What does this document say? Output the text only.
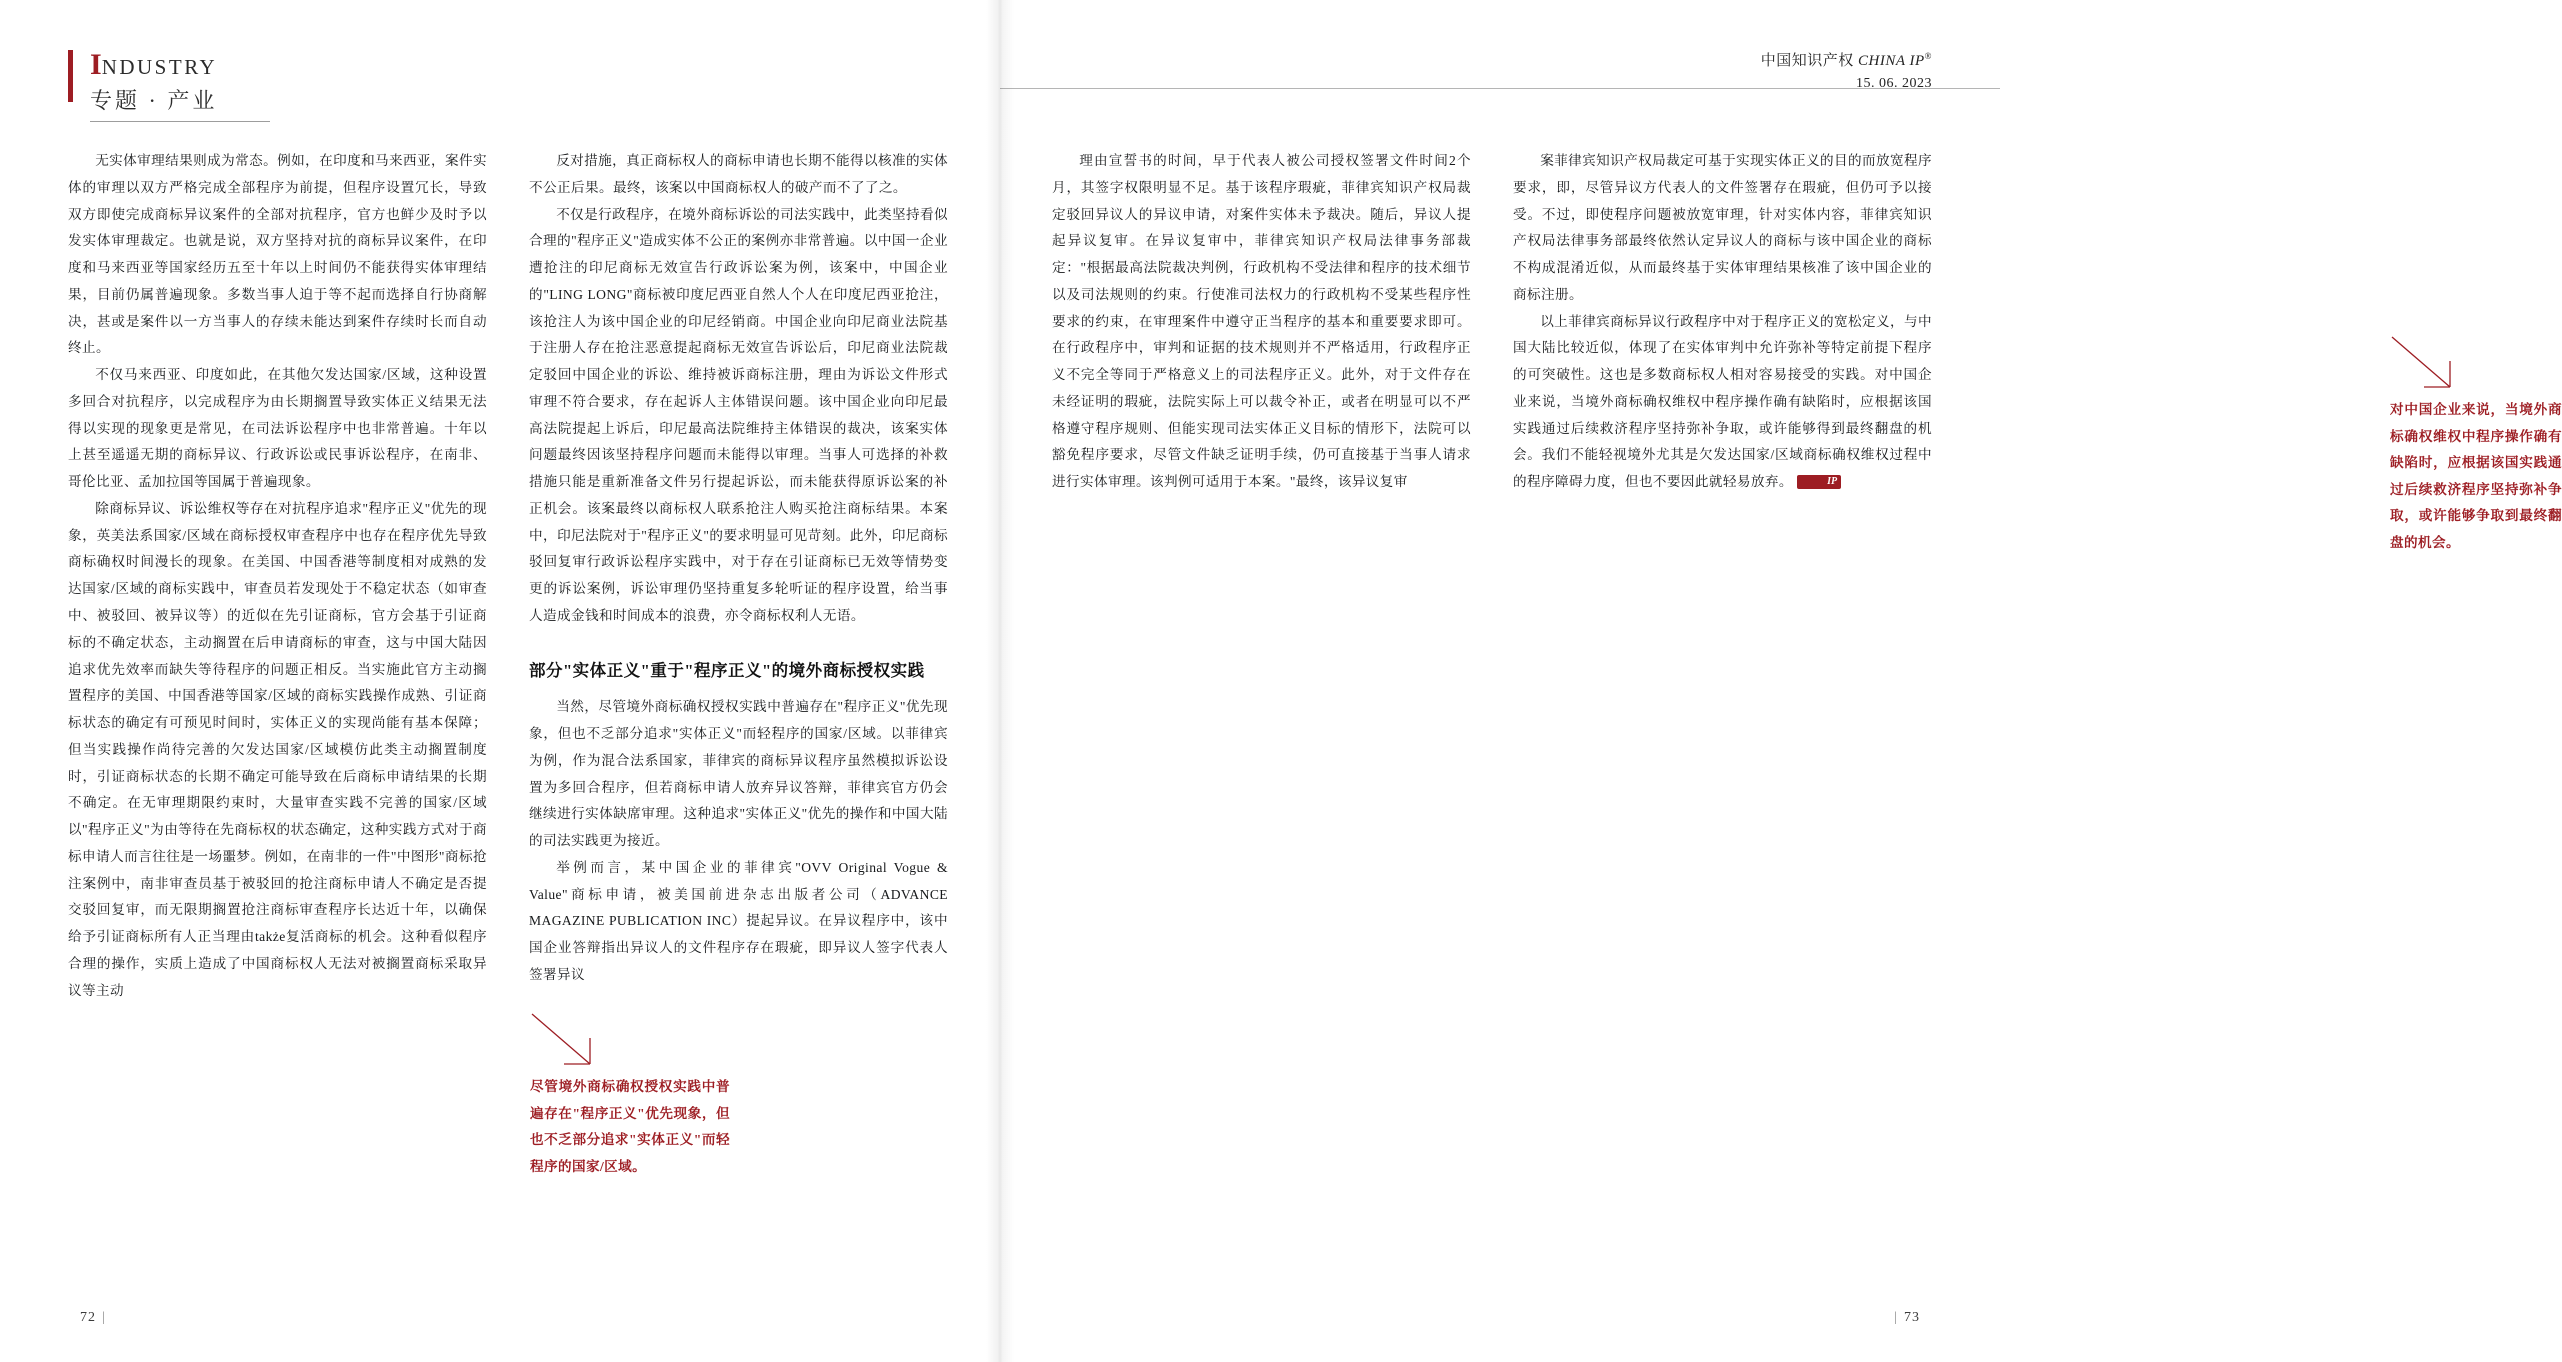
INDUSTRY
专题 · 产业

无实体审理结果则成为常态。例如，在印度和马来西亚，案件实体的审理以双方严格完成全部程序为前提，但程序设置冗长，导致双方即使完成商标异议案件的全部对抗程序，官方也鲜少及时予以发实体审理裁定。也就是说，双方坚持对抗的商标异议案件，在印度和马来西亚等国家经历五至十年以上时间仍不能获得实体审理结果，目前仍属普遍现象。多数当事人迫于等不起而选择自行协商解决，甚或是案件以一方当事人的存续未能达到案件存续时长而自动终止。

不仅马来西亚、印度如此，在其他欠发达国家/区域，这种设置多回合对抗程序，以完成程序为由长期搁置导致实体正义结果无法得以实现的现象更是常见，在司法诉讼程序中也非常普遍。十年以上甚至遥遥无期的商标异议、行政诉讼或民事诉讼程序，在南非、哥伦比亚、孟加拉国等国属于普遍现象。

除商标异议、诉讼维权等存在对抗程序追求"程序正义"优先的现象，英美法系国家/区域在商标授权审查程序中也存在程序优先导致商标确权时间漫长的现象。在美国、中国香港等制度相对成熟的发达国家/区域的商标实践中，审查员若发现处于不稳定状态（如审查中、被驳回、被异议等）的近似在先引证商标，官方会基于引证商标的不确定状态，主动搁置在后申请商标的审查，这与中国大陆因追求优先效率而缺失等待程序的问题正相反。当实施此官方主动搁置程序的美国、中国香港等国家/区域的商标实践操作成熟、引证商标状态的确定有可预见时间时，实体正义的实现尚能有基本保障；但当实践操作尚待完善的欠发达国家/区域模仿此类主动搁置制度时，引证商标状态的长期不确定可能导致在后商标申请结果的长期不确定。在无审理期限约束时，大量审查实践不完善的国家/区域以"程序正义"为由等待在先商标权的状态确定，这种实践方式对于商标申请人而言往往是一场噩梦。例如，在南非的一件"中图形"商标抢注案例中，南非审查员基于被驳回的抢注商标申请人不确定是否提交驳回复审，而无限期搁置抢注商标审查程序长达近十年，以确保给予引证商标所有人正当理由także复活商标的机会。这种看似程序合理的操作，实质上造成了中国商标权人无法对被搁置商标采取异议等主动

反对措施，真正商标权人的商标申请也长期不能得以核准的实体不公正后果。最终，该案以中国商标权人的破产而不了了之。

不仅是行政程序，在境外商标诉讼的司法实践中，此类坚持看似合理的"程序正义"造成实体不公正的案例亦非常普遍。以中国一企业遭抢注的印尼商标无效宣告行政诉讼案为例，该案中，中国企业的"LING LONG"商标被印度尼西亚自然人个人在印度尼西亚抢注，该抢注人为该中国企业的印尼经销商。中国企业向印尼商业法院基于注册人存在抢注恶意提起商标无效宣告诉讼后，印尼商业法院裁定驳回中国企业的诉讼、维持被诉商标注册，理由为诉讼文件形式审理不符合要求，存在起诉人主体错误问题。该中国企业向印尼最高法院提起上诉后，印尼最高法院维持主体错误的裁决，该案实体问题最终因该坚持程序问题而未能得以审理。当事人可选择的补救措施只能是重新准备文件另行提起诉讼，而未能获得原诉讼案的补正机会。该案最终以商标权人联系抢注人购买抢注商标结果。本案中，印尼法院对于"程序正义"的要求明显可见苛刻。此外，印尼商标驳回复审行政诉讼程序实践中，对于存在引证商标已无效等情势变更的诉讼案例，诉讼审理仍坚持重复多轮听证的程序设置，给当事人造成金钱和时间成本的浪费，亦令商标权利人无语。

部分"实体正义"重于"程序正义"的境外商标授权实践

当然，尽管境外商标确权授权实践中普遍存在"程序正义"优先现象，但也不乏部分追求"实体正义"而轻程序的国家/区域。以菲律宾为例，作为混合法系国家，菲律宾的商标异议程序虽然模拟诉讼设置为多回合程序，但若商标申请人放弃异议答辩，菲律宾官方仍会继续进行实体缺席审理。这种追求"实体正义"优先的操作和中国大陆的司法实践更为接近。

举例而言，某中国企业的菲律宾"OVV Original Vogue & Value"商标申请，被美国前进杂志出版者公司（ADVANCE MAGAZINE PUBLICATION INC）提起异议。在异议程序中，该中国企业答辩指出异议人的文件程序存在瑕疵，即异议人签字代表人签署异议

尽管境外商标确权授权实践中普遍存在"程序正义"优先现象，但也不乏部分追求"实体正义"而轻程序的国家/区域。
72 |
中国知识产权 CHINA IP®
15. 06. 2023

理由宣誓书的时间，早于代表人被公司授权签署文件时间2个月，其签字权限明显不足。基于该程序瑕疵，菲律宾知识产权局裁定驳回异议人的异议申请，对案件实体未予裁决。随后，异议人提起异议复审。在异议复审中，菲律宾知识产权局法律事务部裁定："根据最高法院裁决判例，行政机构不受法律和程序的技术细节以及司法规则的约束。行使准司法权力的行政机构不受某些程序性要求的约束，在审理案件中遵守正当程序的基本和重要要求即可。在行政程序中，审判和证据的技术规则并不严格适用，行政程序正义不完全等同于严格意义上的司法程序正义。此外，对于文件存在未经证明的瑕疵，法院实际上可以裁令补正，或者在明显可以不严格遵守程序规则、但能实现司法实体正义目标的情形下，法院可以豁免程序要求，尽管文件缺乏证明手续，仍可直接基于当事人请求进行实体审理。该判例可适用于本案。"最终，该异议复审

案菲律宾知识产权局裁定可基于实现实体正义的目的而放宽程序要求，即，尽管异议方代表人的文件签署存在瑕疵，但仍可予以接受。不过，即使程序问题被放宽审理，针对实体内容，菲律宾知识产权局法律事务部最终依然认定异议人的商标与该中国企业的商标不构成混淆近似，从而最终基于实体审理结果核准了该中国企业的商标注册。

以上菲律宾商标异议行政程序中对于程序正义的宽松定义，与中国大陆比较近似，体现了在实体审判中允许弥补等特定前提下程序的可突破性。这也是多数商标权人相对容易接受的实践。对中国企业来说，当境外商标确权维权中程序操作确有缺陷时，应根据该国实践通过后续救济程序坚持弥补争取，或许能够得到最终翻盘的机会。我们不能轻视境外尤其是欠发达国家/区域商标确权维权过程中的程序障碍力度，但也不要因此就轻易放弃。	IP

对中国企业来说，当境外商标确权维权中程序操作确有缺陷时，应根据该国实践通过后续救济程序坚持弥补争取，或许能够争取到最终翻盘的机会。
| 73
